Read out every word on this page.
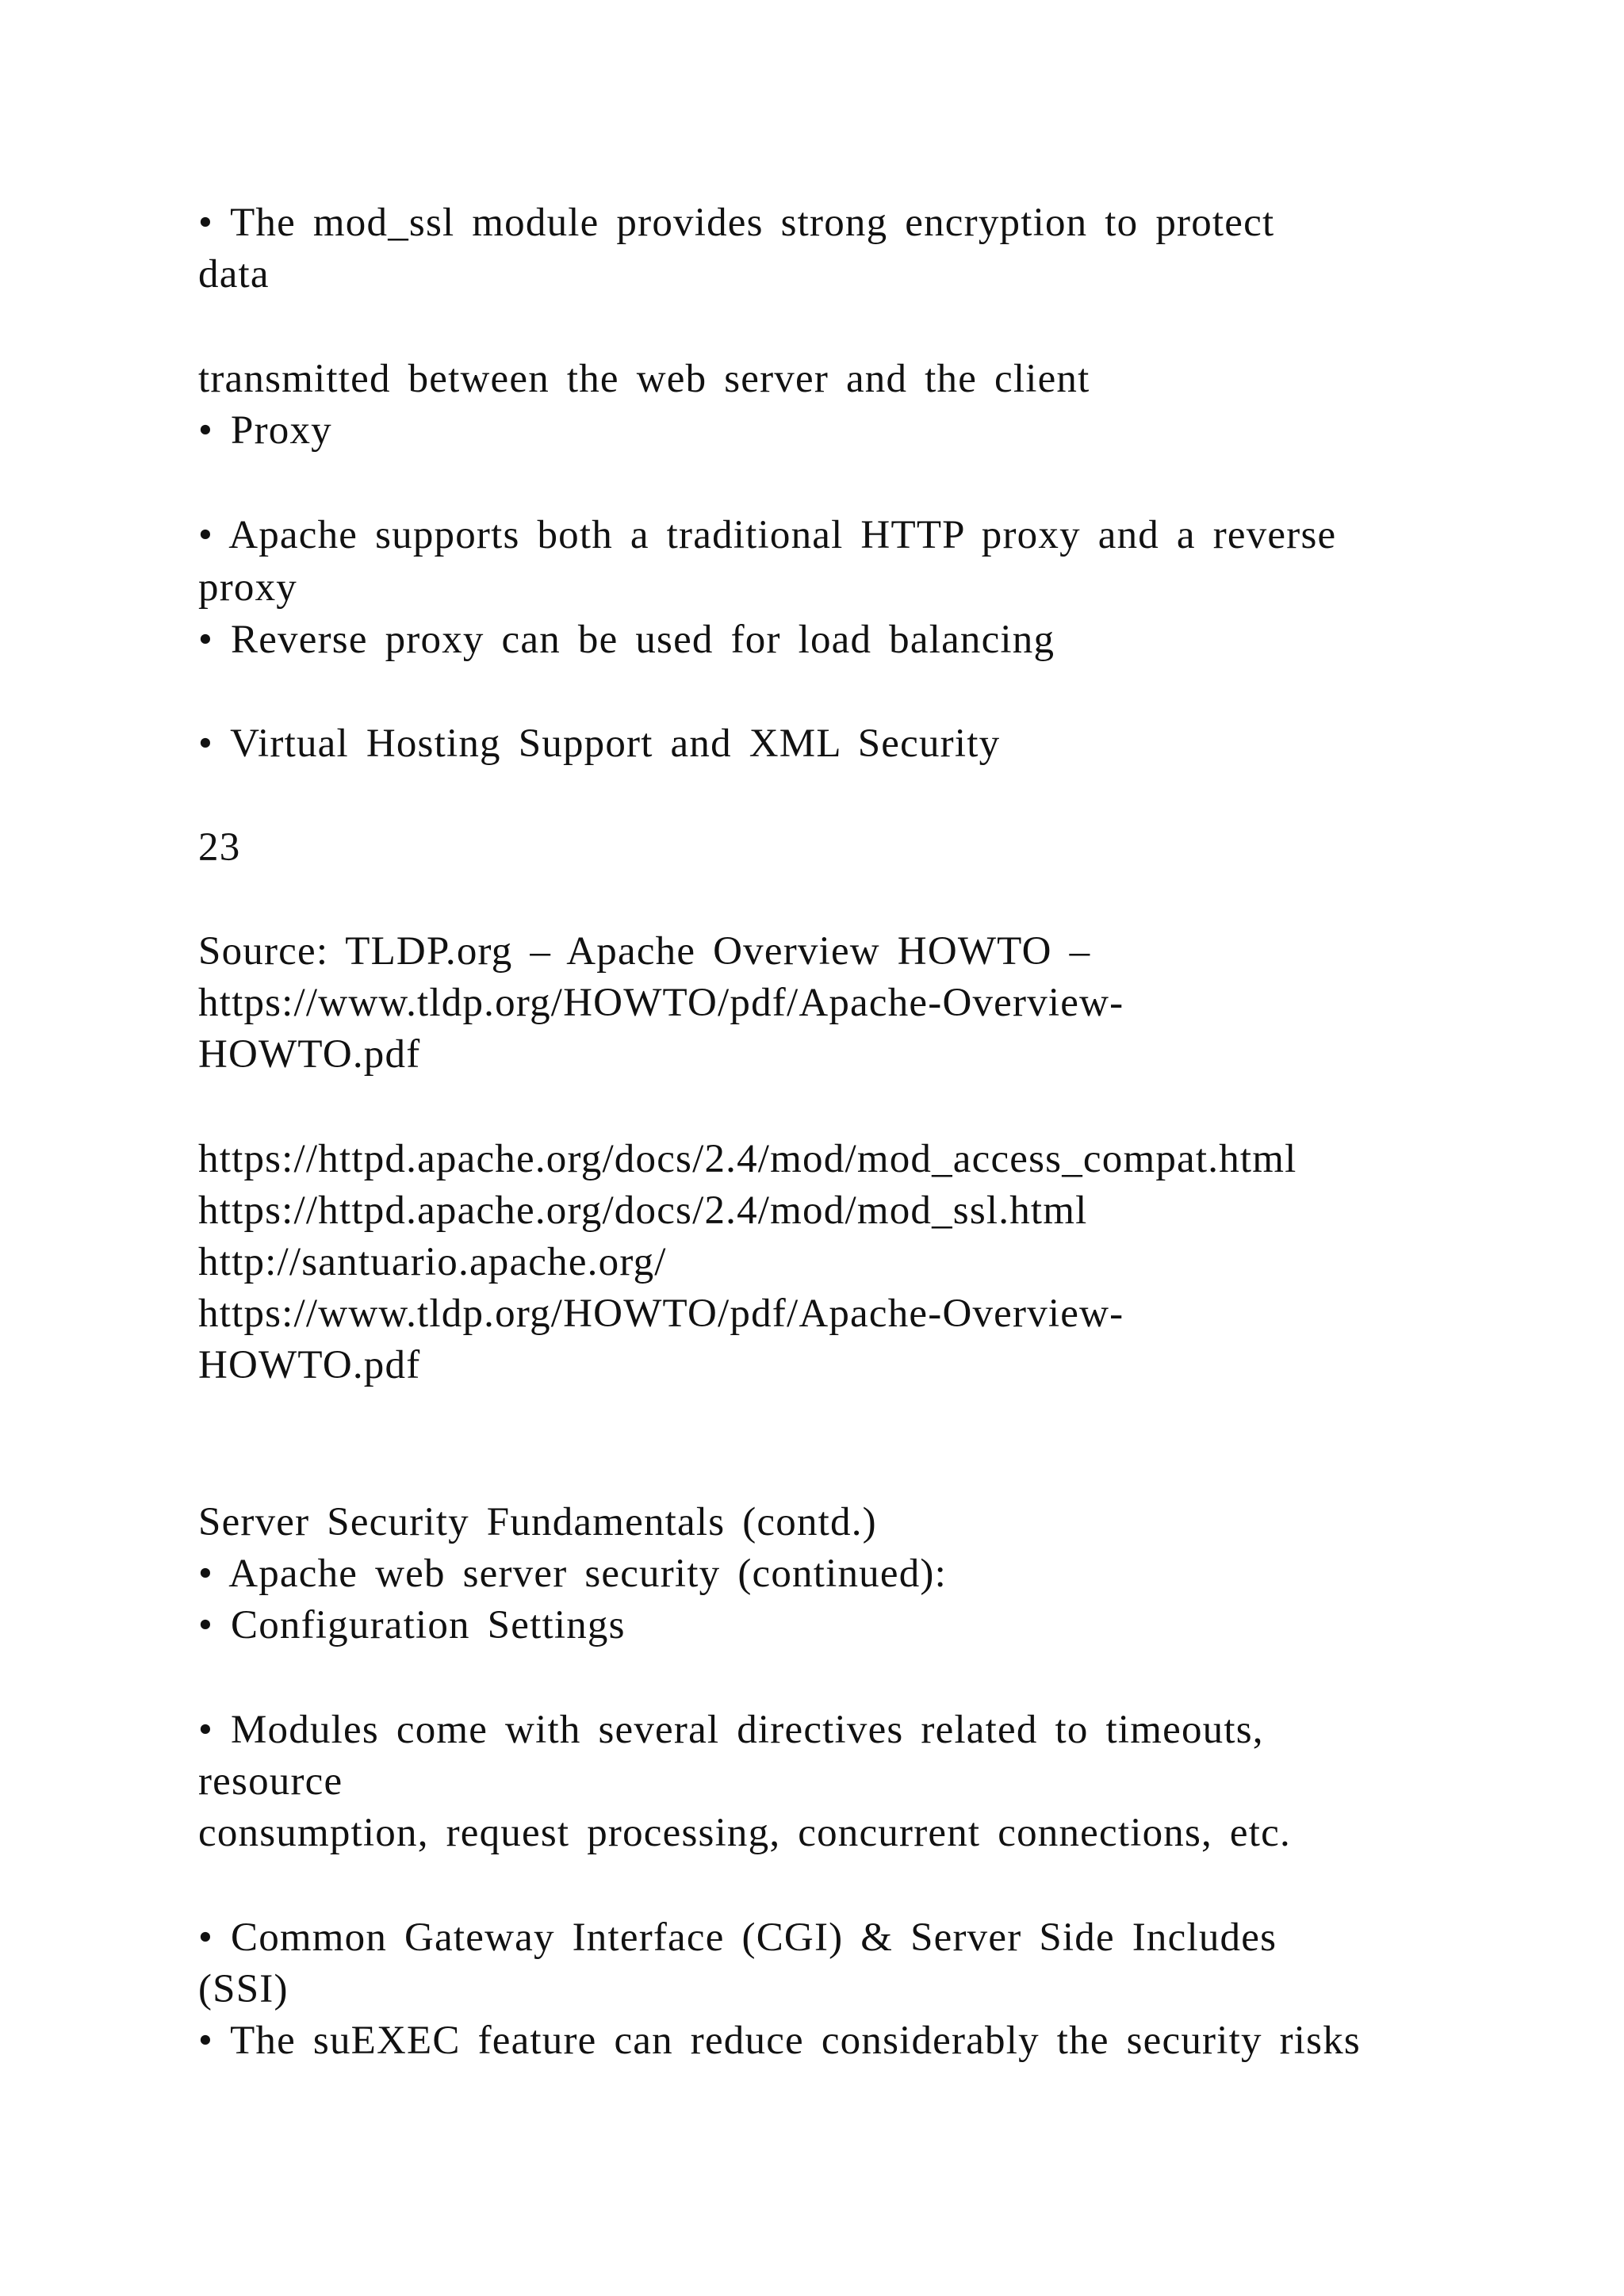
• The mod_ssl module provides strong encryption to protect
data
transmitted between the web server and the client
• Proxy
• Apache supports both a traditional HTTP proxy and a reverse
proxy
• Reverse proxy can be used for load balancing
• Virtual Hosting Support and XML Security
23
Source: TLDP.org – Apache Overview HOWTO –
https://www.tldp.org/HOWTO/pdf/Apache-Overview-
HOWTO.pdf
https://httpd.apache.org/docs/2.4/mod/mod_access_compat.html
https://httpd.apache.org/docs/2.4/mod/mod_ssl.html
http://santuario.apache.org/
https://www.tldp.org/HOWTO/pdf/Apache-Overview-
HOWTO.pdf
Server Security Fundamentals (contd.)
• Apache web server security (continued):
• Configuration Settings
• Modules come with several directives related to timeouts,
resource
consumption, request processing, concurrent connections, etc.
• Common Gateway Interface (CGI) & Server Side Includes
(SSI)
• The suEXEC feature can reduce considerably the security risks
